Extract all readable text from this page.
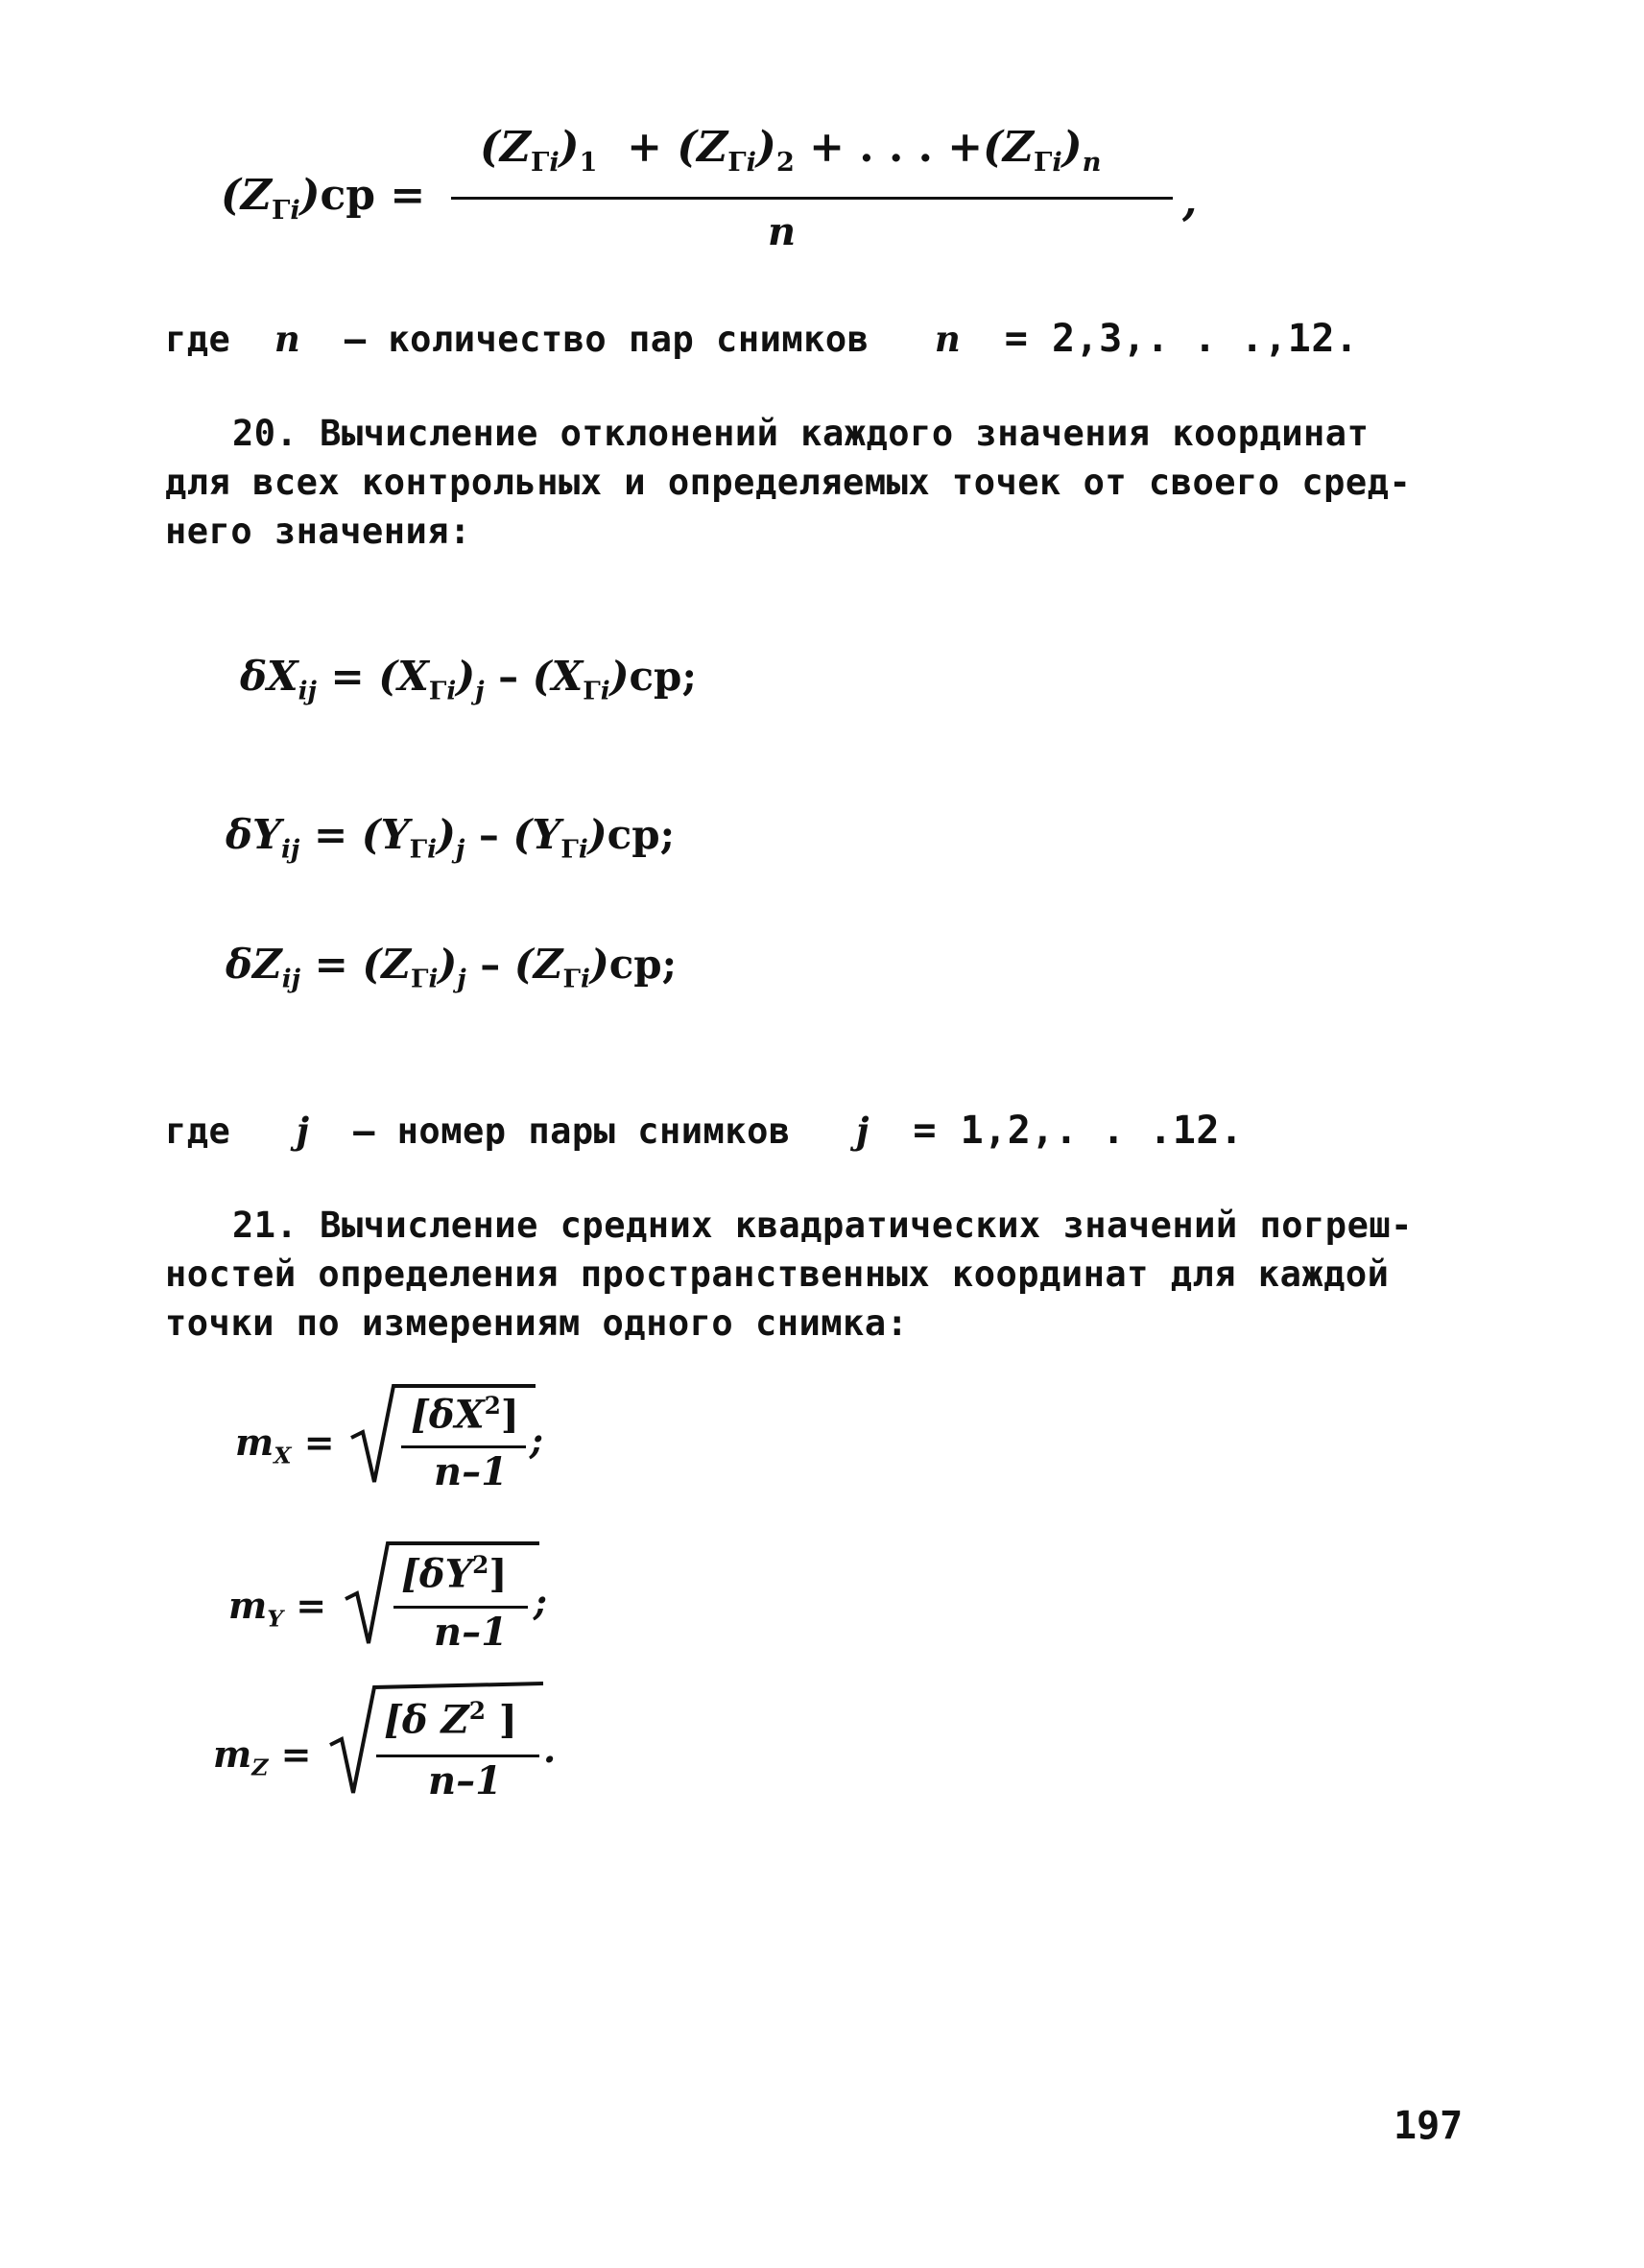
$(Z_{\Gamma i})ср$ =
$(Z_{\Gamma i})_1 + (Z_{\Gamma i})_2$ + . . . $+(Z_{\Gamma i})_n$
n
,
где n – количество пар снимков n = 2,3,. . .,12.
20. Вычисление отклонений каждого значения координат
для всех контрольных и определяемых точек от своего сред-
него значения:
$\delta X_{ij} = (X_{\Gamma i})_j - (X_{\Gamma i})ср$;
$\delta Y_{ij} = (Y_{\Gamma i})_j - (Y_{\Gamma i})ср$;
$\delta Z_{ij} = (Z_{\Gamma i})_j - (Z_{\Gamma i})ср$;
где j – номер пары снимков j = 1,2,. . .12.
21. Вычисление средних квадратических значений погреш-
ностей определения пространственных координат для каждой
точки по измерениям одного снимка:
$m_X$ =
$[\delta X^2]$
n–1
;
$m_Y$ =
$[\delta Y^2]$
n–1
;
$m_Z$ =
[δ $Z^2$ ]
n–1
.
197
